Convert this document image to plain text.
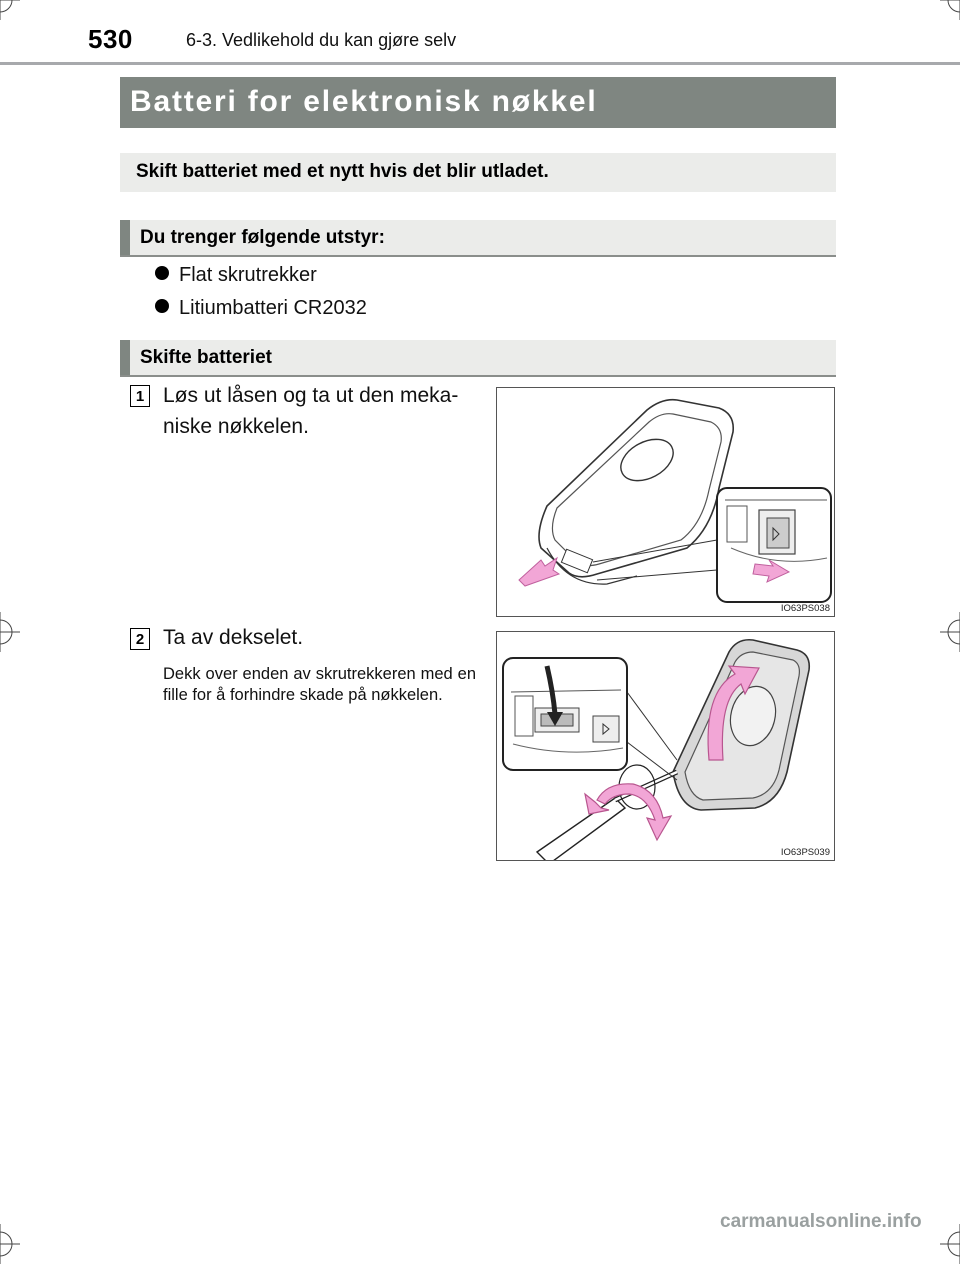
530	6-3. Vedlikehold du kan gjøre selv
Batteri for elektronisk nøkkel
Skift batteriet med et nytt hvis det blir utladet.
Du trenger følgende utstyr:
Flat skrutrekker
Litiumbatteri CR2032
Skifte batteriet
1 Løs ut låsen og ta ut den meka-
niske nøkkelen.
IO63PS038
2 Ta av dekselet.
Dekk over enden av skrutrekkeren med en fille for å forhindre skade på nøkkelen.
IO63PS039
carmanualsonline.info
